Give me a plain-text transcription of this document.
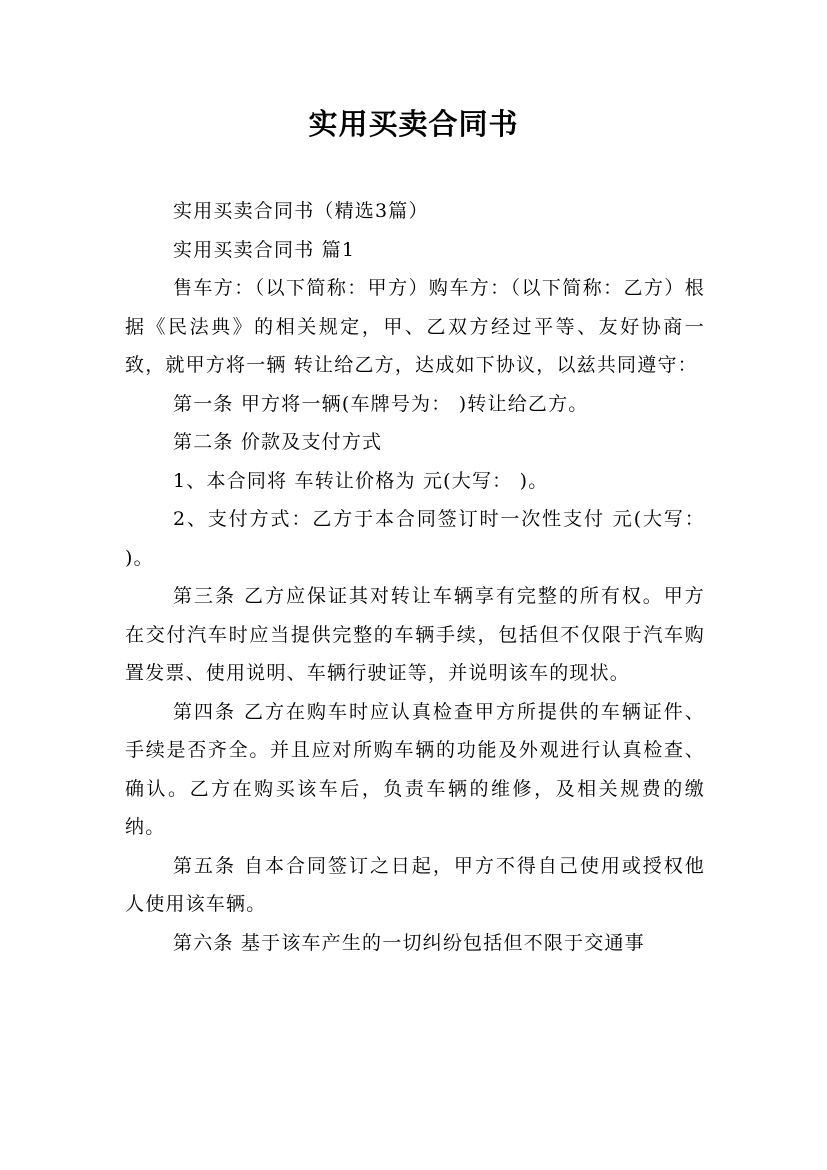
实用买卖合同书

实用买卖合同书（精选3篇）

实用买卖合同书 篇1

售车方：（以下简称：甲方）购车方：（以下简称：乙方）根据《民法典》的相关规定，甲、乙双方经过平等、友好协商一致，就甲方将一辆 转让给乙方，达成如下协议，以兹共同遵守：

第一条 甲方将一辆(车牌号为： )转让给乙方。

第二条 价款及支付方式

1、本合同将 车转让价格为 元(大写： )。

2、支付方式：乙方于本合同签订时一次性支付 元(大写： )。

第三条 乙方应保证其对转让车辆享有完整的所有权。甲方在交付汽车时应当提供完整的车辆手续，包括但不仅限于汽车购置发票、使用说明、车辆行驶证等，并说明该车的现状。

第四条 乙方在购车时应认真检查甲方所提供的车辆证件、手续是否齐全。并且应对所购车辆的功能及外观进行认真检查、确认。乙方在购买该车后，负责车辆的维修，及相关规费的缴纳。

第五条 自本合同签订之日起，甲方不得自己使用或授权他人使用该车辆。

第六条 基于该车产生的一切纠纷包括但不限于交通事
